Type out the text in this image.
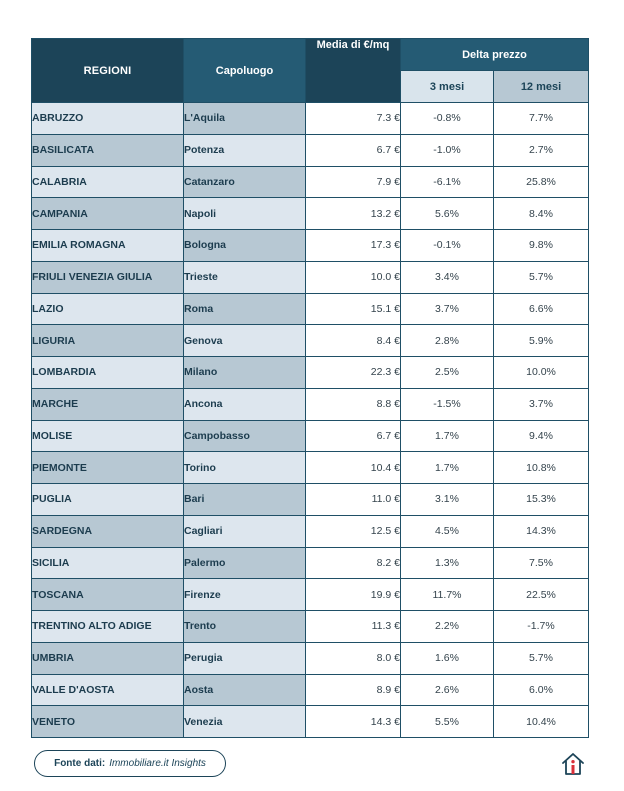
REGIONI	Capoluogo	Media di €/mq	Delta prezzo	
			3 mesi	12 mesi
ABRUZZO	L'Aquila	7.3 €	-0.8%	7.7%
BASILICATA	Potenza	6.7 €	-1.0%	2.7%
CALABRIA	Catanzaro	7.9 €	-6.1%	25.8%
CAMPANIA	Napoli	13.2 €	5.6%	8.4%
EMILIA ROMAGNA	Bologna	17.3 €	-0.1%	9.8%
FRIULI VENEZIA GIULIA	Trieste	10.0 €	3.4%	5.7%
LAZIO	Roma	15.1 €	3.7%	6.6%
LIGURIA	Genova	8.4 €	2.8%	5.9%
LOMBARDIA	Milano	22.3 €	2.5%	10.0%
MARCHE	Ancona	8.8 €	-1.5%	3.7%
MOLISE	Campobasso	6.7 €	1.7%	9.4%
PIEMONTE	Torino	10.4 €	1.7%	10.8%
PUGLIA	Bari	11.0 €	3.1%	15.3%
SARDEGNA	Cagliari	12.5 €	4.5%	14.3%
SICILIA	Palermo	8.2 €	1.3%	7.5%
TOSCANA	Firenze	19.9 €	11.7%	22.5%
TRENTINO ALTO ADIGE	Trento	11.3 €	2.2%	-1.7%
UMBRIA	Perugia	8.0 €	1.6%	5.7%
VALLE D'AOSTA	Aosta	8.9 €	2.6%	6.0%
VENETO	Venezia	14.3 €	5.5%	10.4%
Fonte dati: Immobiliare.it Insights
